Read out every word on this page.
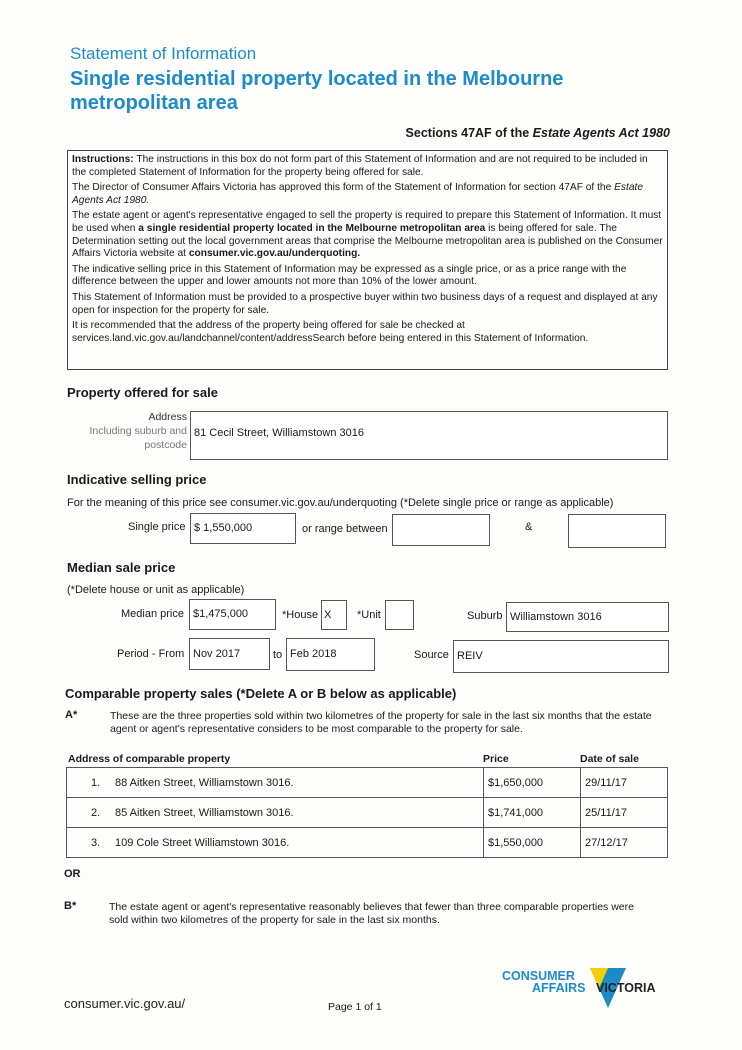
Statement of Information
Single residential property located in the Melbourne metropolitan area
Sections 47AF of the Estate Agents Act 1980

Instructions: The instructions in this box do not form part of this Statement of Information and are not required to be included in the completed Statement of Information for the property being offered for sale.

The Director of Consumer Affairs Victoria has approved this form of the Statement of Information for section 47AF of the Estate Agents Act 1980.

The estate agent or agent's representative engaged to sell the property is required to prepare this Statement of Information. It must be used when a single residential property located in the Melbourne metropolitan area is being offered for sale. The Determination setting out the local government areas that comprise the Melbourne metropolitan area is published on the Consumer Affairs Victoria website at consumer.vic.gov.au/underquoting.

The indicative selling price in this Statement of Information may be expressed as a single price, or as a price range with the difference between the upper and lower amounts not more than 10% of the lower amount.

This Statement of Information must be provided to a prospective buyer within two business days of a request and displayed at any open for inspection for the property for sale.

It is recommended that the address of the property being offered for sale be checked at services.land.vic.gov.au/landchannel/content/addressSearch before being entered in this Statement of Information.

Property offered for sale
Address
Including suburb and
postcode
81 Cecil Street, Williamstown 3016
Indicative selling price
For the meaning of this price see consumer.vic.gov.au/underquoting (*Delete single price or range as applicable)
Single price $ 1,550,000	or range between	&
Median sale price
(*Delete house or unit as applicable)
Median price $1,475,000	*House X	*Unit	Suburb Williamstown 3016
Period - From Nov 2017	to Feb 2018	Source REIV
Comparable property sales (*Delete A or B below as applicable)
A*	These are the three properties sold within two kilometres of the property for sale in the last six months that the estate agent or agent's representative considers to be most comparable to the property for sale.
Address of comparable property	Price	Date of sale
1. 88 Aitken Street, Williamstown 3016.	$1,650,000	29/11/17
2. 85 Aitken Street, Williamstown 3016.	$1,741,000	25/11/17
3. 109 Cole Street Williamstown 3016.	$1,550,000	27/12/17
OR
B*	The estate agent or agent's representative reasonably believes that fewer than three comparable properties were sold within two kilometres of the property for sale in the last six months.
consumer.vic.gov.au/	Page 1 of 1
CONSUMER
AFFAIRS VICTORIA
